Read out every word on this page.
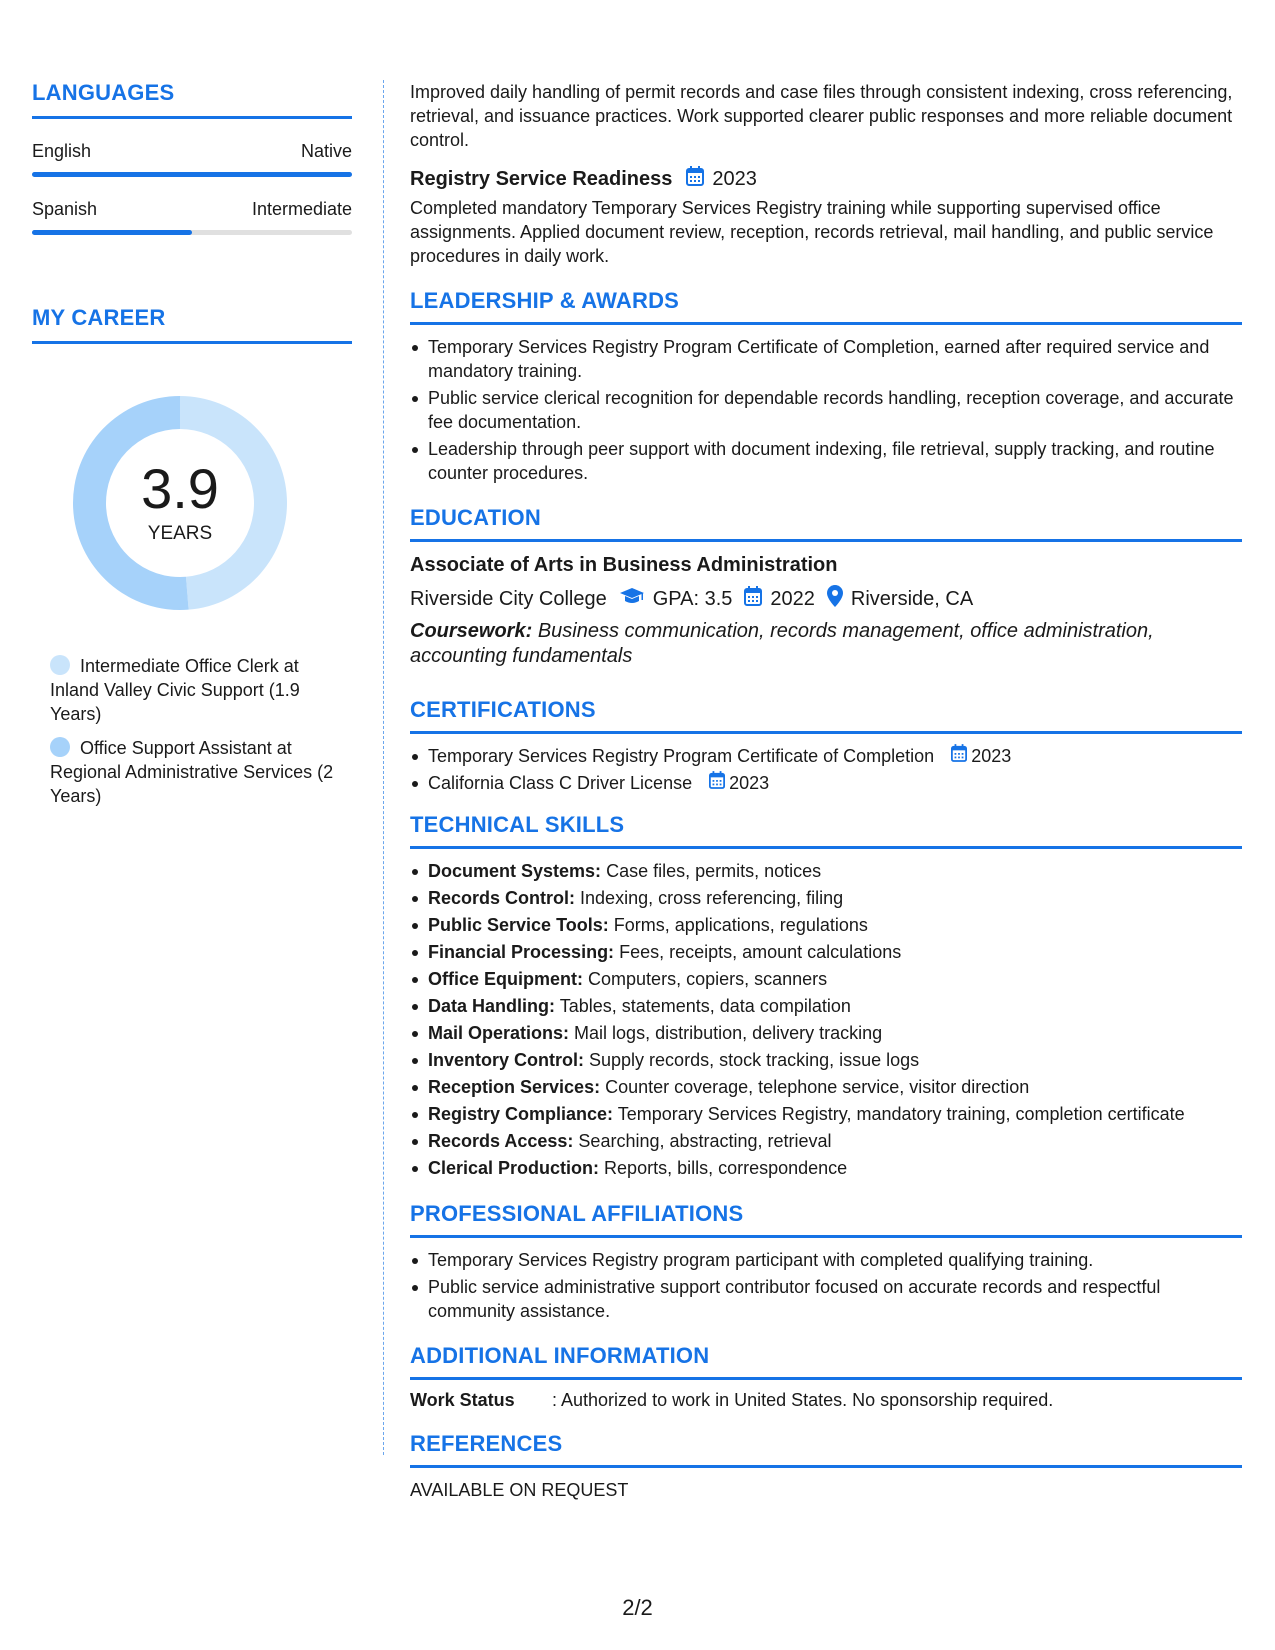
LANGUAGES
English	Native
Spanish	Intermediate
MY CAREER
3.9
YEARS
Intermediate Office Clerk at Inland Valley Civic Support (1.9 Years)
Office Support Assistant at Regional Administrative Services (2 Years)

Improved daily handling of permit records and case files through consistent indexing, cross referencing, retrieval, and issuance practices. Work supported clearer public responses and more reliable document control.

Registry Service Readiness 2023

Completed mandatory Temporary Services Registry training while supporting supervised office assignments. Applied document review, reception, records retrieval, mail handling, and public service procedures in daily work.

LEADERSHIP & AWARDS
Temporary Services Registry Program Certificate of Completion, earned after required service and mandatory training.
Public service clerical recognition for dependable records handling, reception coverage, and accurate fee documentation.
Leadership through peer support with document indexing, file retrieval, supply tracking, and routine counter procedures.
EDUCATION
Associate of Arts in Business Administration
Riverside City College GPA: 3.5 2022 Riverside, CA
Coursework: Business communication, records management, office administration, accounting fundamentals
CERTIFICATIONS
Temporary Services Registry Program Certificate of Completion 2023
California Class C Driver License 2023
TECHNICAL SKILLS
Document Systems: Case files, permits, notices
Records Control: Indexing, cross referencing, filing
Public Service Tools: Forms, applications, regulations
Financial Processing: Fees, receipts, amount calculations
Office Equipment: Computers, copiers, scanners
Data Handling: Tables, statements, data compilation
Mail Operations: Mail logs, distribution, delivery tracking
Inventory Control: Supply records, stock tracking, issue logs
Reception Services: Counter coverage, telephone service, visitor direction
Registry Compliance: Temporary Services Registry, mandatory training, completion certificate
Records Access: Searching, abstracting, retrieval
Clerical Production: Reports, bills, correspondence
PROFESSIONAL AFFILIATIONS
Temporary Services Registry program participant with completed qualifying training.
Public service administrative support contributor focused on accurate records and respectful community assistance.
ADDITIONAL INFORMATION
Work Status	: Authorized to work in United States. No sponsorship required.
REFERENCES
AVAILABLE ON REQUEST
2/2
